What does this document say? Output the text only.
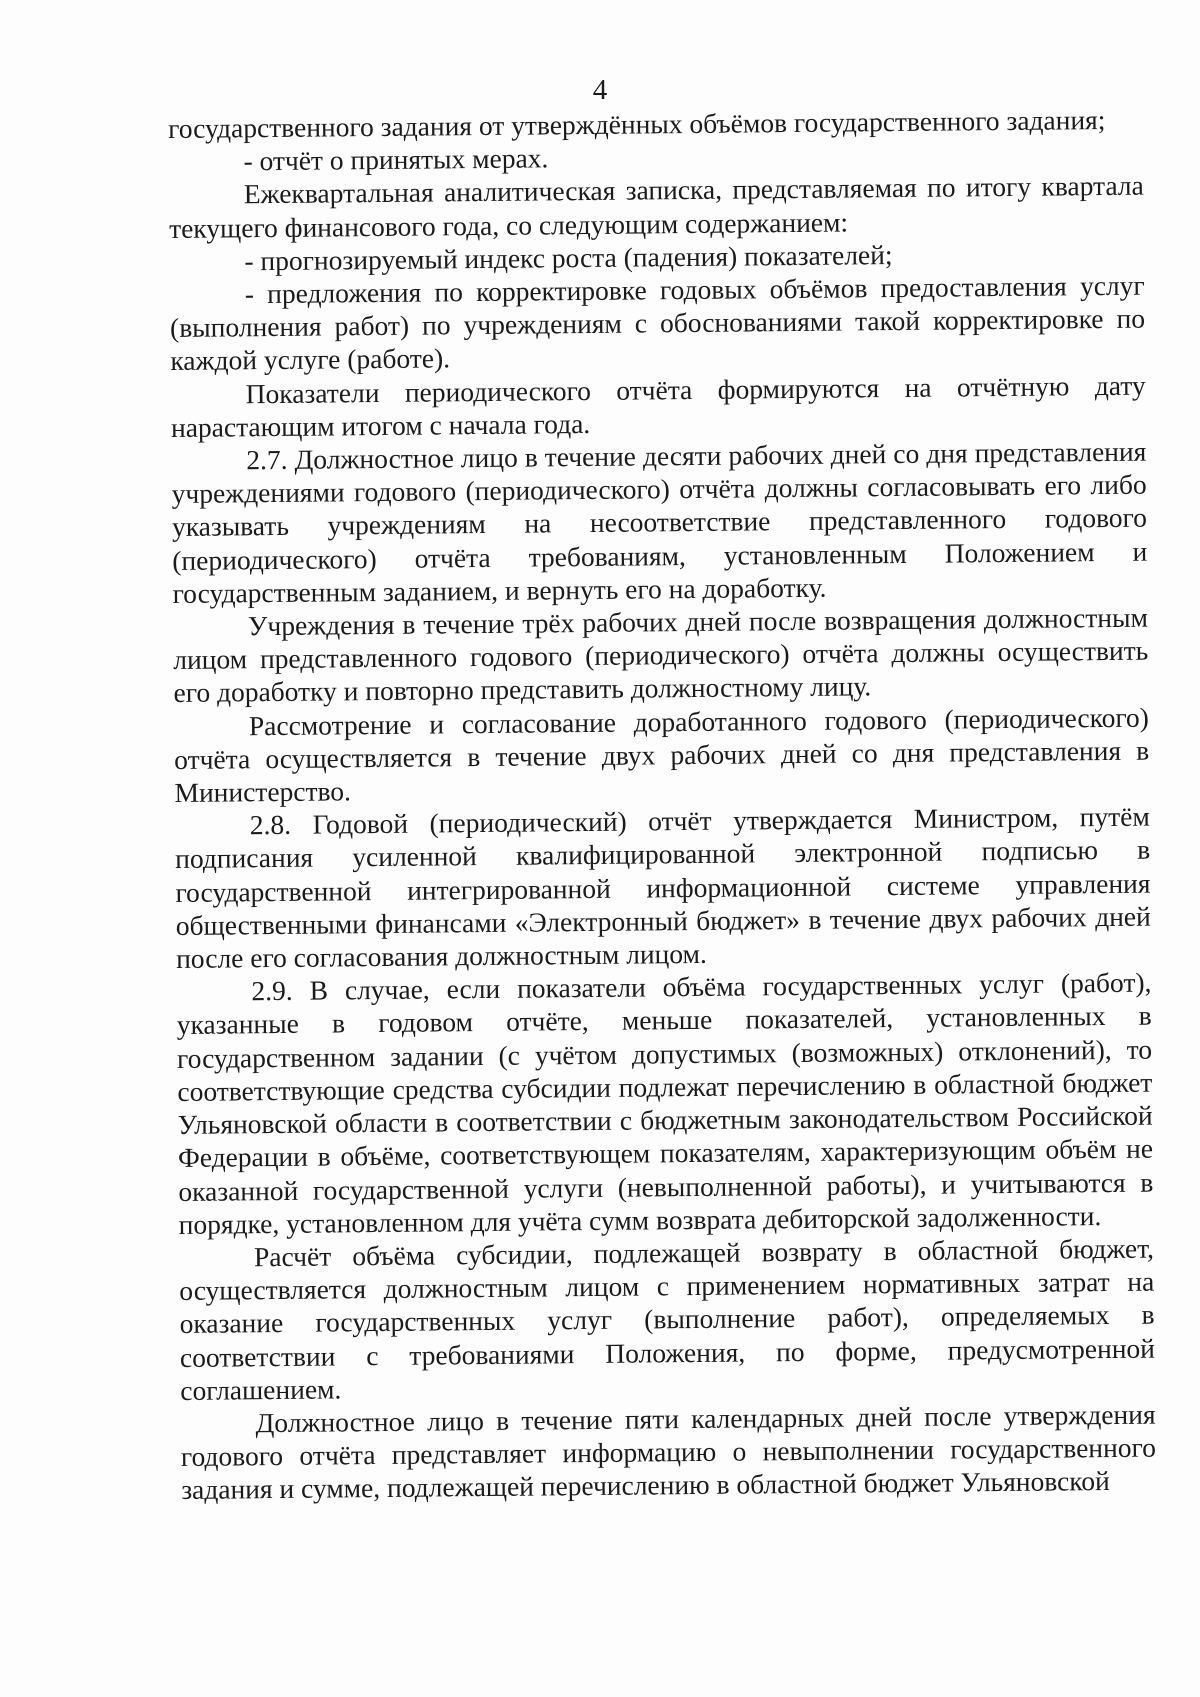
4

государственного задания от утверждённых объёмов государственного задания;

- отчёт о принятых мерах.

Ежеквартальная аналитическая записка, представляемая по итогу квартала текущего финансового года, со следующим содержанием:

- прогнозируемый индекс роста (падения) показателей;

- предложения по корректировке годовых объёмов предоставления услуг (выполнения работ) по учреждениям с обоснованиями такой корректировке по каждой услуге (работе).

Показатели периодического отчёта формируются на отчётную дату нарастающим итогом с начала года.

2.7. Должностное лицо в течение десяти рабочих дней со дня представления учреждениями годового (периодического) отчёта должны согласовывать его либо указывать учреждениям на несоответствие представленного годового (периодического) отчёта требованиям, установленным Положением и государственным заданием, и вернуть его на доработку.

Учреждения в течение трёх рабочих дней после возвращения должностным лицом представленного годового (периодического) отчёта должны осуществить его доработку и повторно представить должностному лицу.

Рассмотрение и согласование доработанного годового (периодического) отчёта осуществляется в течение двух рабочих дней со дня представления в Министерство.

2.8. Годовой (периодический) отчёт утверждается Министром, путём подписания усиленной квалифицированной электронной подписью в государственной интегрированной информационной системе управления общественными финансами «Электронный бюджет» в течение двух рабочих дней после его согласования должностным лицом.

2.9. В случае, если показатели объёма государственных услуг (работ), указанные в годовом отчёте, меньше показателей, установленных в государственном задании (с учётом допустимых (возможных) отклонений), то соответствующие средства субсидии подлежат перечислению в областной бюджет Ульяновской области в соответствии с бюджетным законодательством Российской Федерации в объёме, соответствующем показателям, характеризующим объём не оказанной государственной услуги (невыполненной работы), и учитываются в порядке, установленном для учёта сумм возврата дебиторской задолженности.

Расчёт объёма субсидии, подлежащей возврату в областной бюджет, осуществляется должностным лицом с применением нормативных затрат на оказание государственных услуг (выполнение работ), определяемых в соответствии с требованиями Положения, по форме, предусмотренной соглашением.

Должностное лицо в течение пяти календарных дней после утверждения годового отчёта представляет информацию о невыполнении государственного задания и сумме, подлежащей перечислению в областной бюджет Ульяновской
